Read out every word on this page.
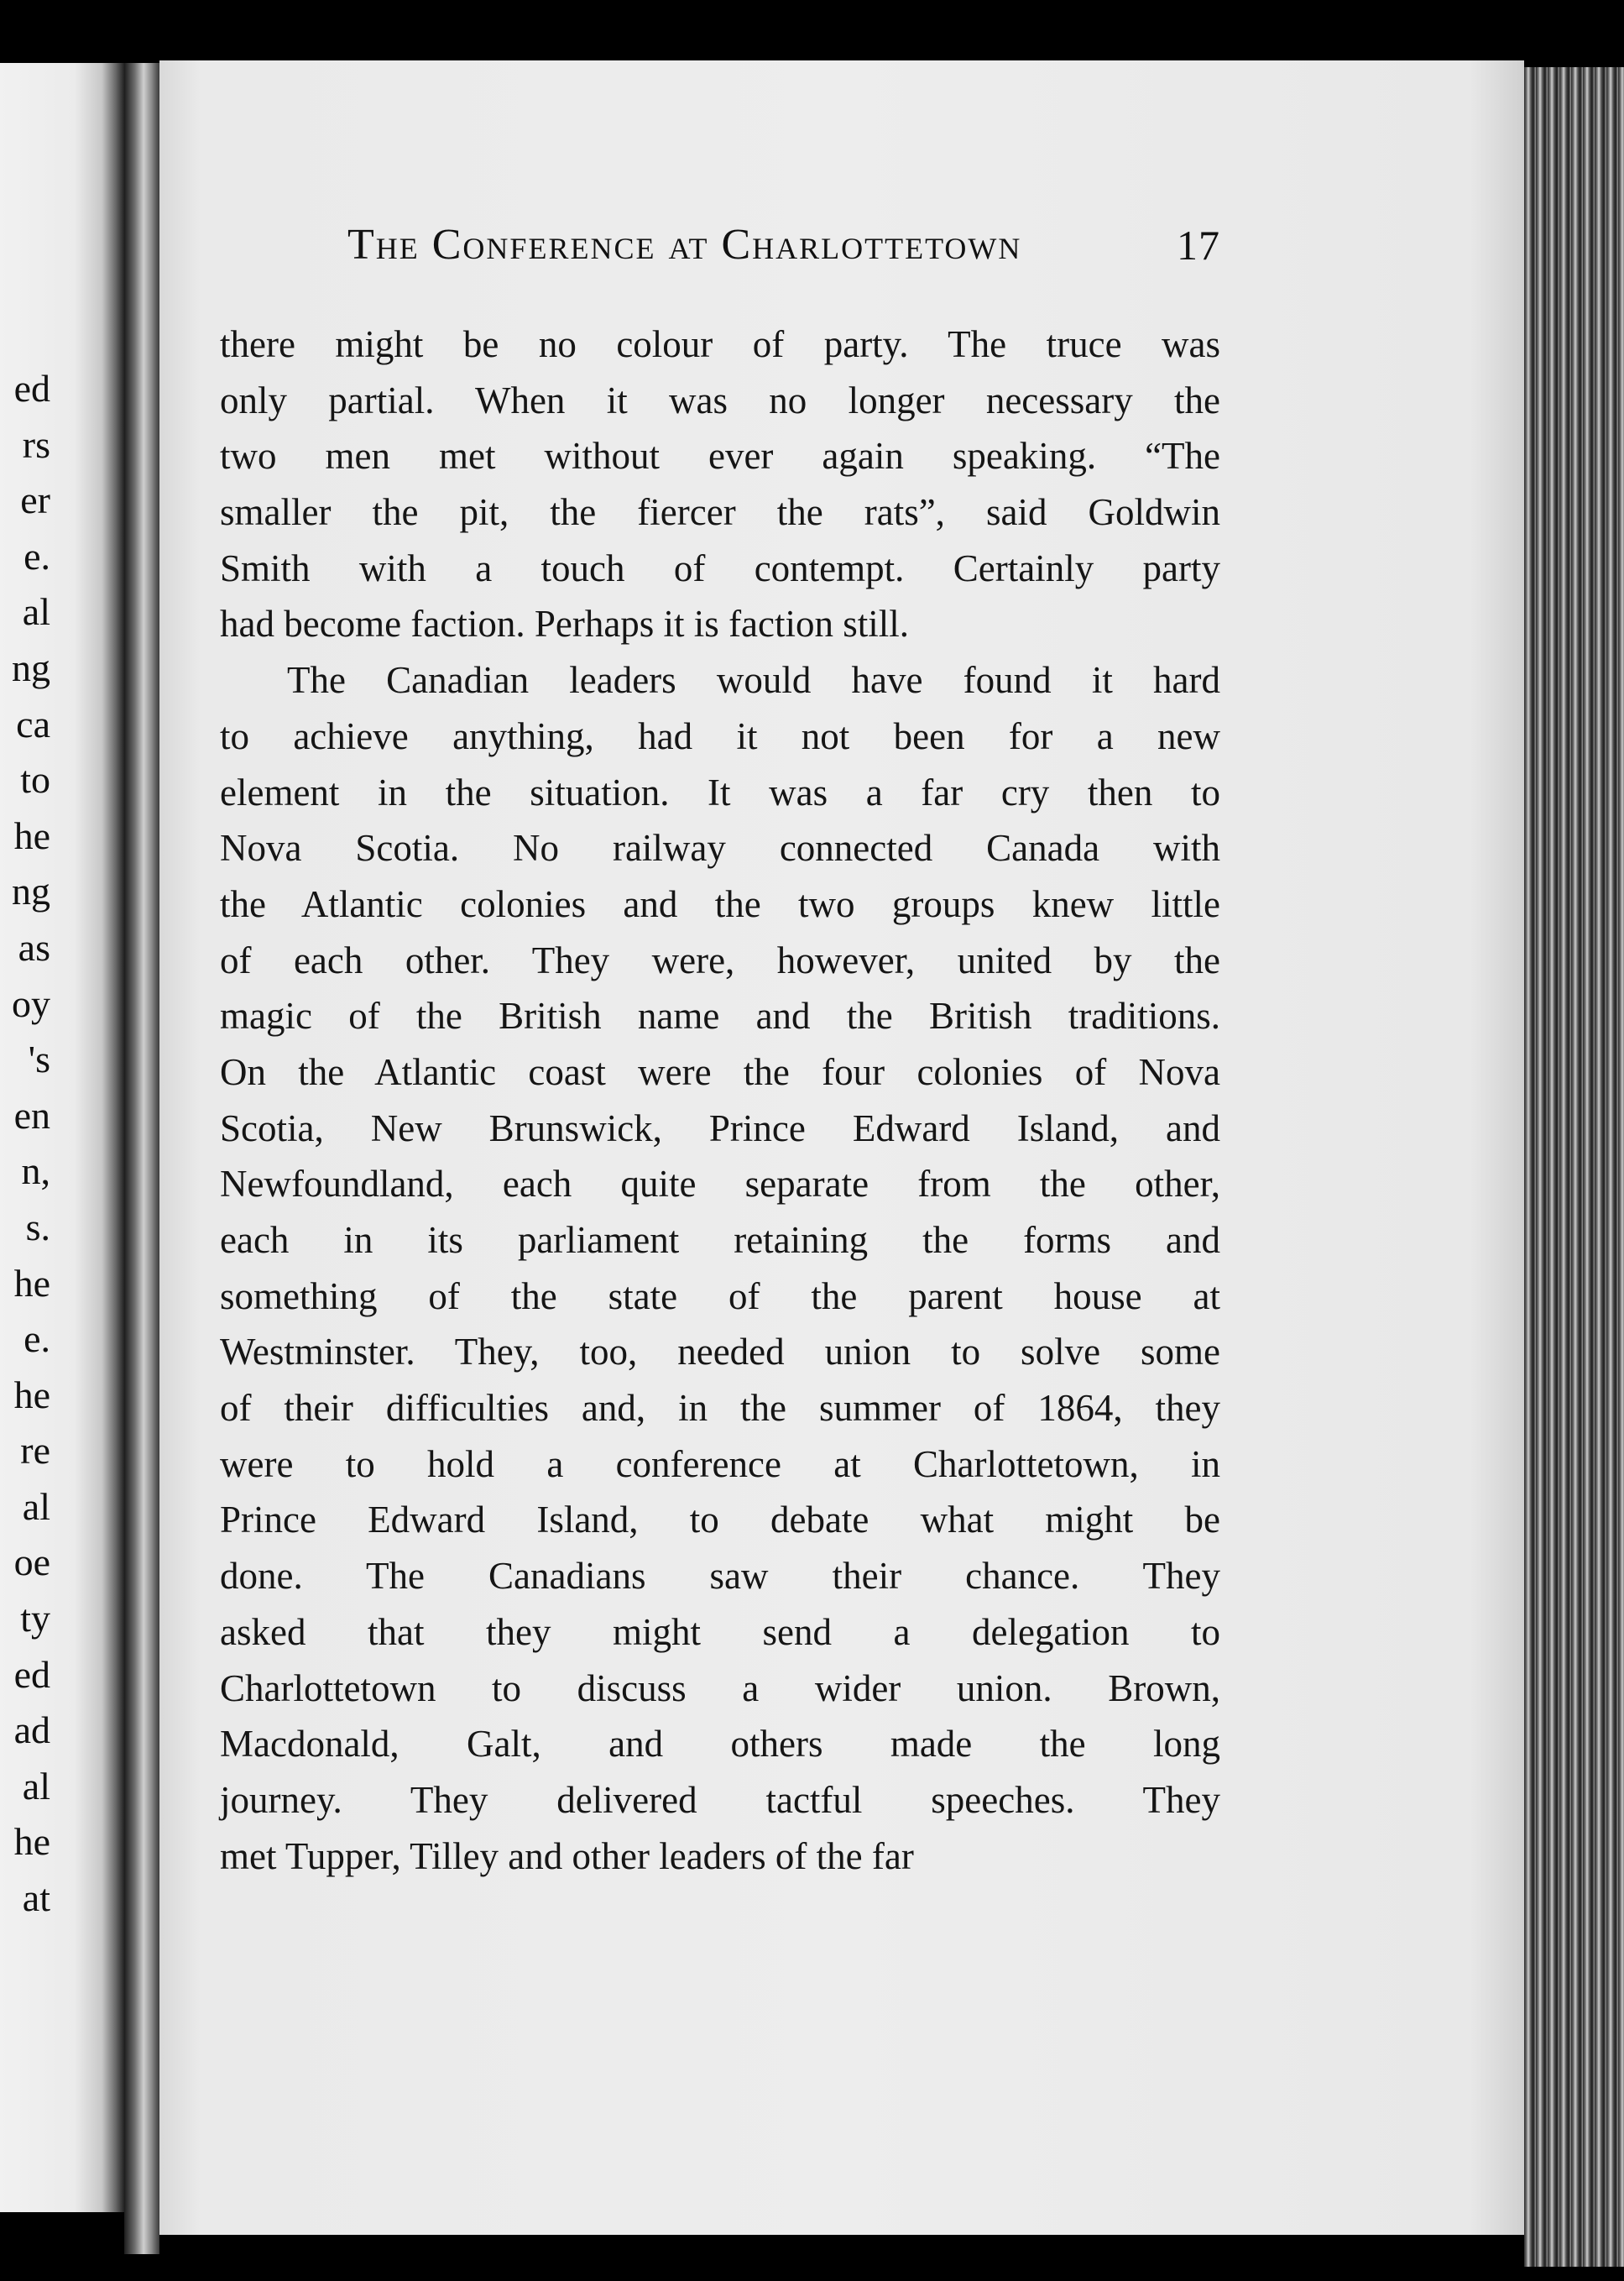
ed
rs
er
e.
al
ng
ca
to
he
ng
as
oy
's
en
n,
s.
he
e.
he
re
al
oe
ty
ed
ad
al
he
at
The Conference at Charlottetown	17
there might be no colour of party. The truce was
only partial. When it was no longer necessary the
two men met without ever again speaking. “The
smaller the pit, the fiercer the rats”, said Goldwin
Smith with a touch of contempt. Certainly party
had become faction. Perhaps it is faction still.
The Canadian leaders would have found it hard
to achieve anything, had it not been for a new
element in the situation. It was a far cry then to
Nova Scotia. No railway connected Canada with
the Atlantic colonies and the two groups knew little
of each other. They were, however, united by the
magic of the British name and the British traditions.
On the Atlantic coast were the four colonies of Nova
Scotia, New Brunswick, Prince Edward Island, and
Newfoundland, each quite separate from the other,
each in its parliament retaining the forms and
something of the state of the parent house at
Westminster. They, too, needed union to solve some
of their difficulties and, in the summer of 1864, they
were to hold a conference at Charlottetown, in
Prince Edward Island, to debate what might be
done. The Canadians saw their chance. They
asked that they might send a delegation to
Charlottetown to discuss a wider union. Brown,
Macdonald, Galt, and others made the long
journey. They delivered tactful speeches. They
met Tupper, Tilley and other leaders of the far
